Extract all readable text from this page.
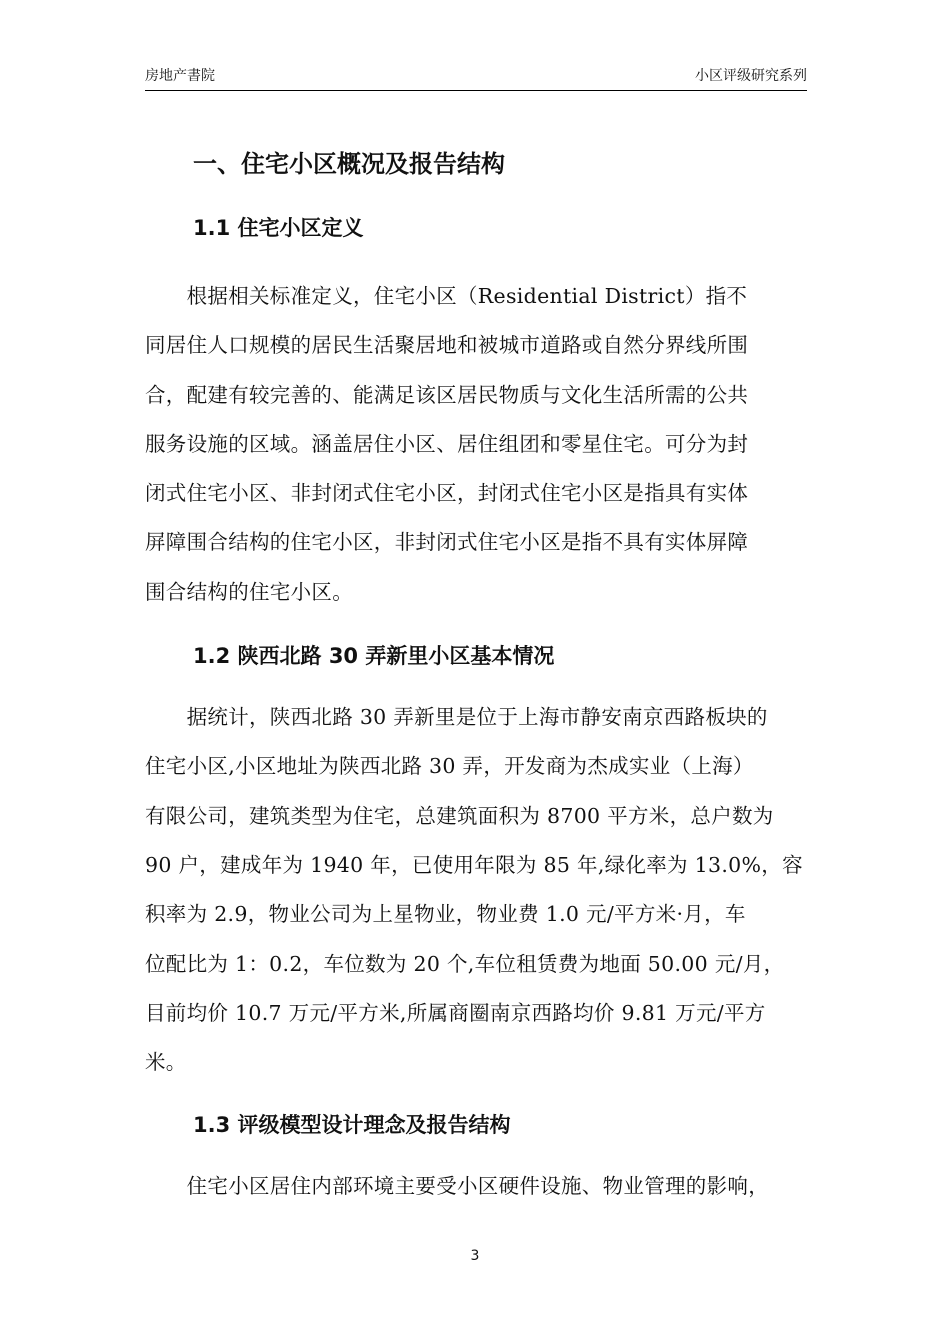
房地产書院	小区评级研究系列
一、住宅小区概况及报告结构
1.1 住宅小区定义
　　根据相关标准定义，住宅小区（Residential District）指不
同居住人口规模的居民生活聚居地和被城市道路或自然分界线所围
合，配建有较完善的、能满足该区居民物质与文化生活所需的公共
服务设施的区域。涵盖居住小区、居住组团和零星住宅。可分为封
闭式住宅小区、非封闭式住宅小区，封闭式住宅小区是指具有实体
屏障围合结构的住宅小区，非封闭式住宅小区是指不具有实体屏障
围合结构的住宅小区。
1.2 陕西北路 30 弄新里小区基本情况
　　据统计，陕西北路 30 弄新里是位于上海市静安南京西路板块的
住宅小区,小区地址为陕西北路 30 弄，开发商为杰成实业（上海）
有限公司，建筑类型为住宅，总建筑面积为 8700 平方米，总户数为
90 户，建成年为 1940 年，已使用年限为 85 年,绿化率为 13.0%，容
积率为 2.9，物业公司为上星物业，物业费 1.0 元/平方米·月，车
位配比为 1：0.2，车位数为 20 个,车位租赁费为地面 50.00 元/月，
目前均价 10.7 万元/平方米,所属商圈南京西路均价 9.81 万元/平方
米。
1.3 评级模型设计理念及报告结构
　　住宅小区居住内部环境主要受小区硬件设施、物业管理的影响，
3
